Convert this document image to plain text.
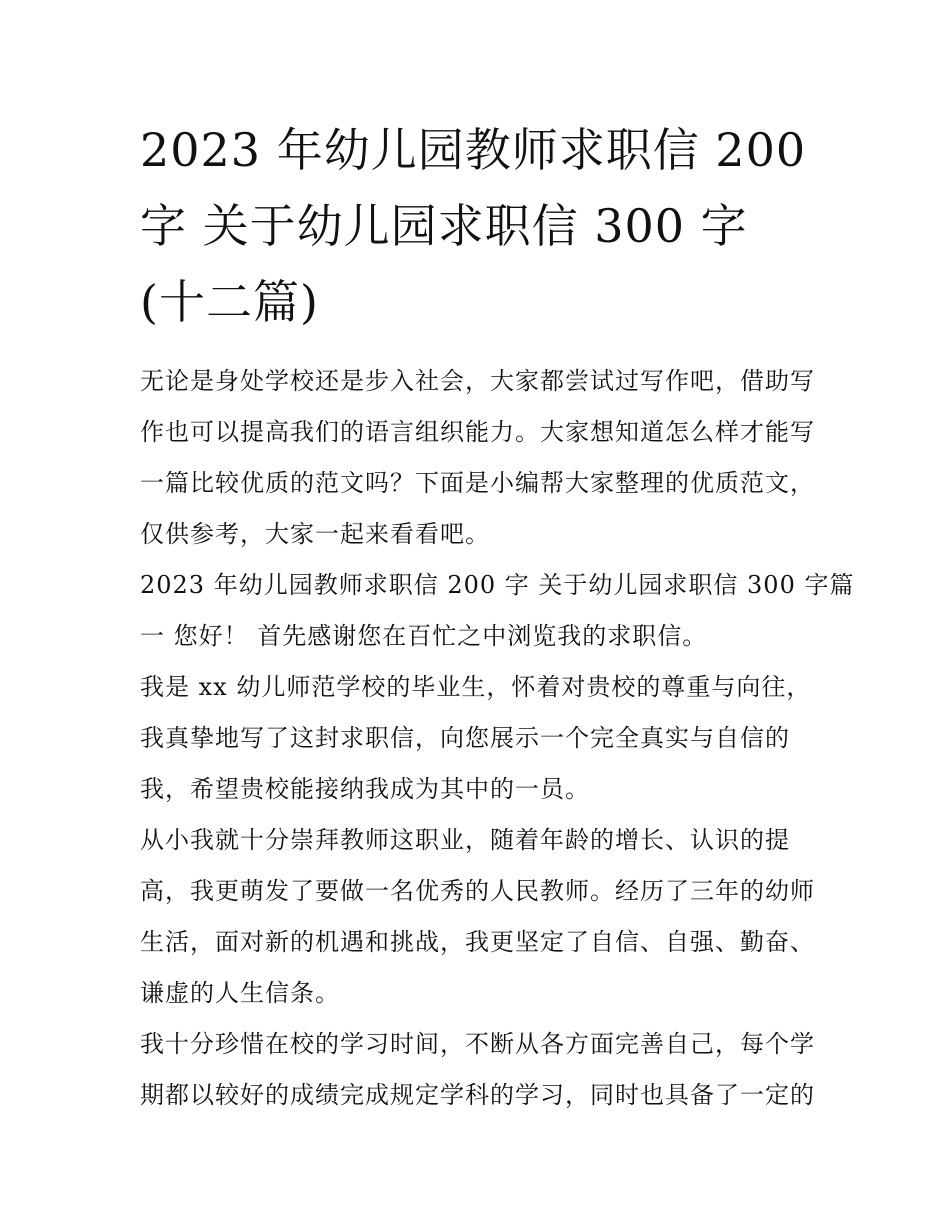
2023 年幼儿园教师求职信 200
字 关于幼儿园求职信 300 字
(十二篇)
无论是身处学校还是步入社会，大家都尝试过写作吧，借助写
作也可以提高我们的语言组织能力。大家想知道怎么样才能写
一篇比较优质的范文吗？下面是小编帮大家整理的优质范文，
仅供参考，大家一起来看看吧。
2023 年幼儿园教师求职信 200 字 关于幼儿园求职信 300 字篇
一 您好！ 首先感谢您在百忙之中浏览我的求职信。
我是 xx 幼儿师范学校的毕业生，怀着对贵校的尊重与向往，
我真挚地写了这封求职信，向您展示一个完全真实与自信的
我，希望贵校能接纳我成为其中的一员。
从小我就十分崇拜教师这职业，随着年龄的增长、认识的提
高，我更萌发了要做一名优秀的人民教师。经历了三年的幼师
生活，面对新的机遇和挑战，我更坚定了自信、自强、勤奋、
谦虚的人生信条。
我十分珍惜在校的学习时间，不断从各方面完善自己，每个学
期都以较好的成绩完成规定学科的学习，同时也具备了一定的
